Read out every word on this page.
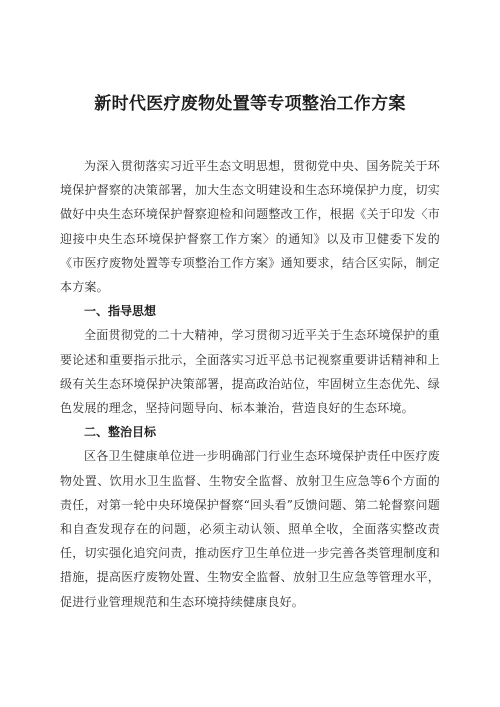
新时代医疗废物处置等专项整治工作方案

为深入贯彻落实习近平生态文明思想，贯彻党中央、国务院关于环境保护督察的决策部署，加大生态文明建设和生态环境保护力度，切实做好中央生态环境保护督察迎检和问题整改工作，根据《关于印发〈市迎接中央生态环境保护督察工作方案〉的通知》以及市卫健委下发的《市医疗废物处置等专项整治工作方案》通知要求，结合区实际，制定本方案。

一、指导思想

全面贯彻党的二十大精神，学习贯彻习近平关于生态环境保护的重要论述和重要指示批示，全面落实习近平总书记视察重要讲话精神和上级有关生态环境保护决策部署，提高政治站位，牢固树立生态优先、绿色发展的理念，坚持问题导向、标本兼治，营造良好的生态环境。

二、整治目标

区各卫生健康单位进一步明确部门行业生态环境保护责任中医疗废物处置、饮用水卫生监督、生物安全监督、放射卫生应急等6个方面的责任，对第一轮中央环境保护督察“回头看”反馈问题、第二轮督察问题和自查发现存在的问题，必须主动认领、照单全收，全面落实整改责任，切实强化追究问责，推动医疗卫生单位进一步完善各类管理制度和措施，提高医疗废物处置、生物安全监督、放射卫生应急等管理水平，促进行业管理规范和生态环境持续健康良好。
